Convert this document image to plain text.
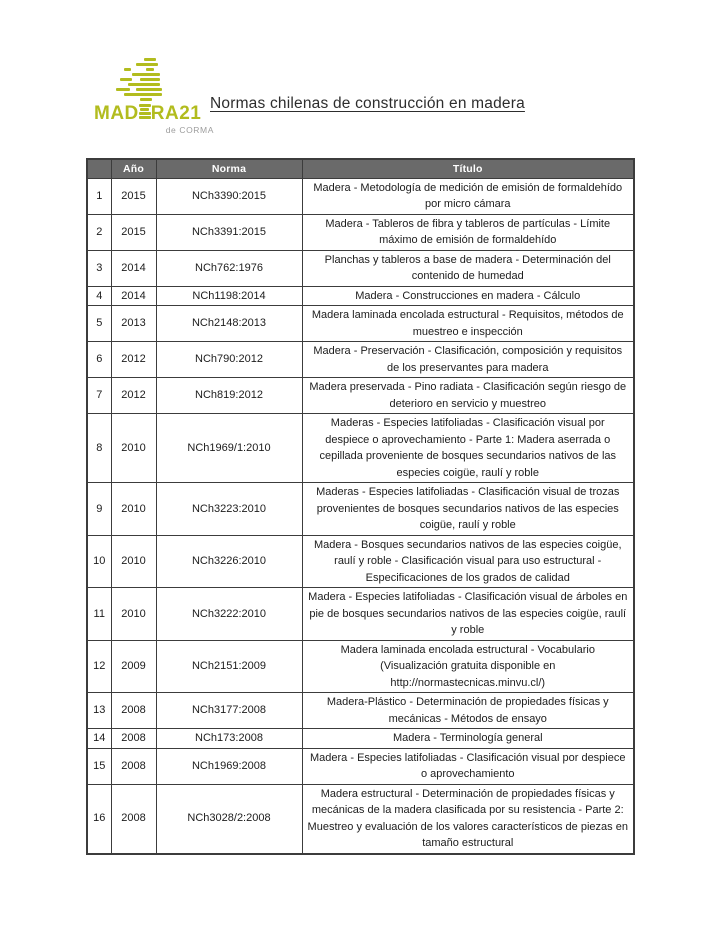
MAD RA21
de CORMA
Normas chilenas de construcción en madera
	Año	Norma	Título
1	2015	NCh3390:2015	Madera - Metodología de medición de emisión de formaldehído por micro cámara
2	2015	NCh3391:2015	Madera - Tableros de fibra y tableros de partículas - Límite máximo de emisión de formaldehído
3	2014	NCh762:1976	Planchas y tableros a base de madera - Determinación del contenido de humedad
4	2014	NCh1198:2014	Madera - Construcciones en madera - Cálculo
5	2013	NCh2148:2013	Madera laminada encolada estructural - Requisitos, métodos de muestreo e inspección
6	2012	NCh790:2012	Madera - Preservación - Clasificación, composición y requisitos de los preservantes para madera
7	2012	NCh819:2012	Madera preservada - Pino radiata - Clasificación según riesgo de deterioro en servicio y muestreo
8	2010	NCh1969/1:2010	Maderas - Especies latifoliadas - Clasificación visual por despiece o aprovechamiento - Parte 1: Madera aserrada o cepillada proveniente de bosques secundarios nativos de las especies coigüe, raulí y roble
9	2010	NCh3223:2010	Maderas - Especies latifoliadas - Clasificación visual de trozas provenientes de bosques secundarios nativos de las especies coigüe, raulí y roble
10	2010	NCh3226:2010	Madera - Bosques secundarios nativos de las especies coigüe, raulí y roble - Clasificación visual para uso estructural - Especificaciones de los grados de calidad
11	2010	NCh3222:2010	Madera - Especies latifoliadas - Clasificación visual de árboles en pie de bosques secundarios nativos de las especies coigüe, raulí y roble
12	2009	NCh2151:2009	Madera laminada encolada estructural - Vocabulario (Visualización gratuita disponible en http://normastecnicas.minvu.cl/)
13	2008	NCh3177:2008	Madera-Plástico - Determinación de propiedades físicas y mecánicas - Métodos de ensayo
14	2008	NCh173:2008	Madera - Terminología general
15	2008	NCh1969:2008	Madera - Especies latifoliadas - Clasificación visual por despiece o aprovechamiento
16	2008	NCh3028/2:2008	Madera estructural - Determinación de propiedades físicas y mecánicas de la madera clasificada por su resistencia - Parte 2: Muestreo y evaluación de los valores característicos de piezas en tamaño estructural
